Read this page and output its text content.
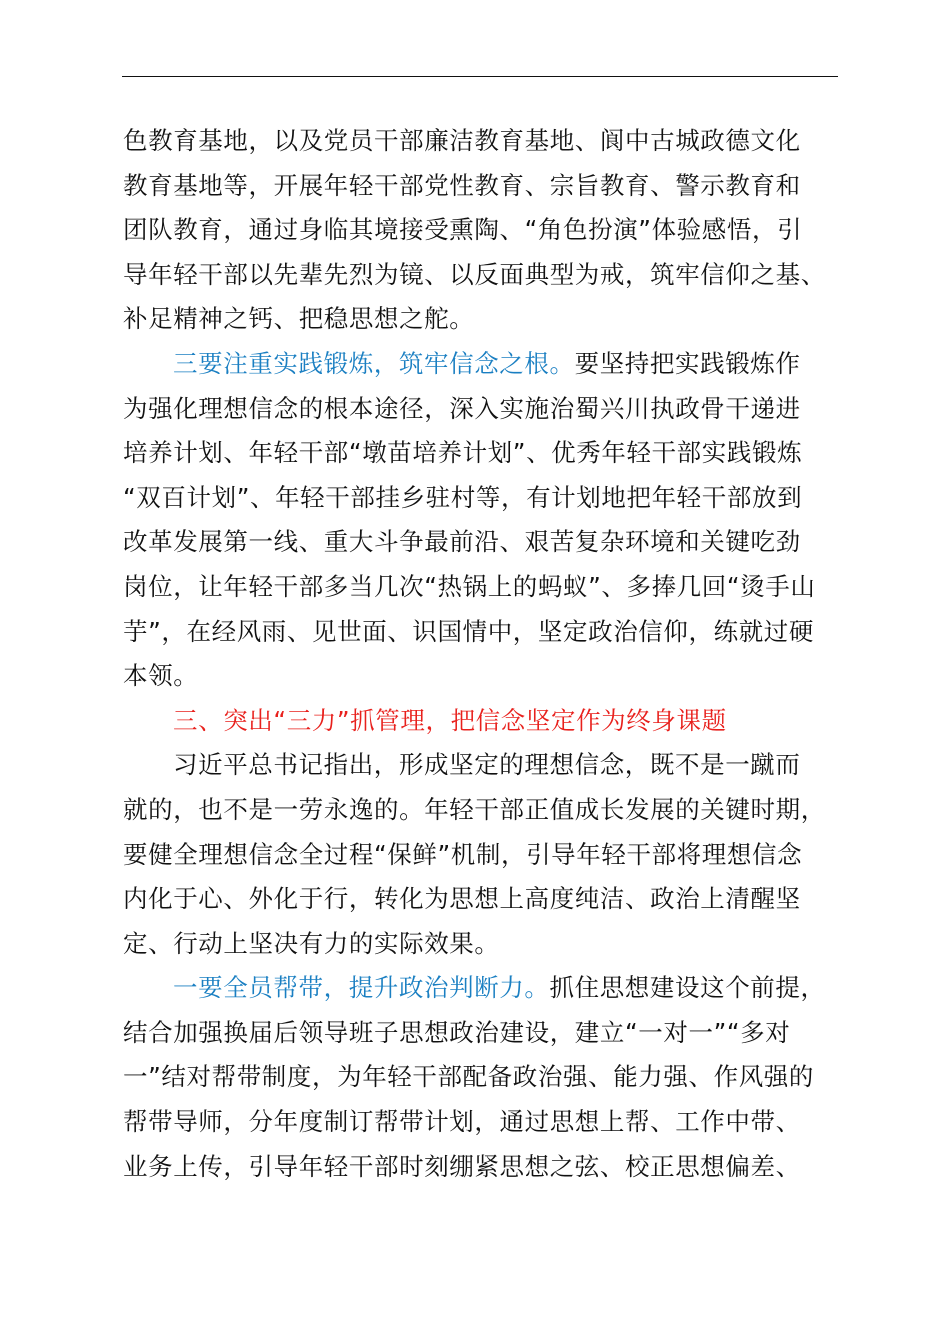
色教育基地，以及党员干部廉洁教育基地、阆中古城政德文化
教育基地等，开展年轻干部党性教育、宗旨教育、警示教育和
团队教育，通过身临其境接受熏陶、“角色扮演”体验感悟，引
导年轻干部以先辈先烈为镜、以反面典型为戒，筑牢信仰之基、
补足精神之钙、把稳思想之舵。
三要注重实践锻炼，筑牢信念之根。要坚持把实践锻炼作
为强化理想信念的根本途径，深入实施治蜀兴川执政骨干递进
培养计划、年轻干部“墩苗培养计划”、优秀年轻干部实践锻炼
“双百计划”、年轻干部挂乡驻村等，有计划地把年轻干部放到
改革发展第一线、重大斗争最前沿、艰苦复杂环境和关键吃劲
岗位，让年轻干部多当几次“热锅上的蚂蚁”、多捧几回“烫手山
芋”，在经风雨、见世面、识国情中，坚定政治信仰，练就过硬
本领。
三、突出“三力”抓管理，把信念坚定作为终身课题
习近平总书记指出，形成坚定的理想信念，既不是一蹴而
就的，也不是一劳永逸的。年轻干部正值成长发展的关键时期，
要健全理想信念全过程“保鲜”机制，引导年轻干部将理想信念
内化于心、外化于行，转化为思想上高度纯洁、政治上清醒坚
定、行动上坚决有力的实际效果。
一要全员帮带，提升政治判断力。抓住思想建设这个前提，
结合加强换届后领导班子思想政治建设，建立“一对一”“多对
一”结对帮带制度，为年轻干部配备政治强、能力强、作风强的
帮带导师，分年度制订帮带计划，通过思想上帮、工作中带、
业务上传，引导年轻干部时刻绷紧思想之弦、校正思想偏差、
